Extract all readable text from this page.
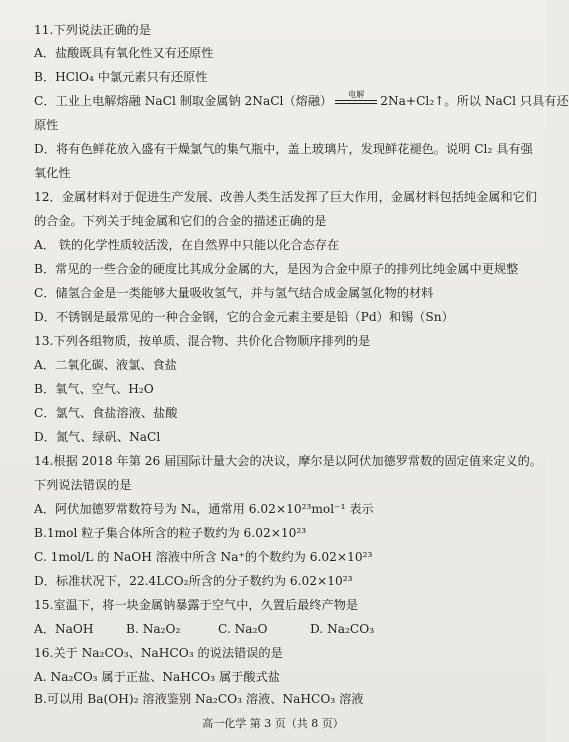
11.下列说法正确的是
A．盐酸既具有氧化性又有还原性
B．HClO₄ 中氯元素只有还原性
C．工业上电解熔融 NaCl 制取金属钠 2NaCl（熔融）	电解	2Na+Cl₂↑。所以 NaCl 只具有还
原性
D．将有色鲜花放入盛有干燥氯气的集气瓶中，盖上玻璃片，发现鲜花褪色。说明 Cl₂ 具有强
氧化性
12．金属材料对于促进生产发展、改善人类生活发挥了巨大作用，金属材料包括纯金属和它们
的合金。下列关于纯金属和它们的合金的描述正确的是
A． 铁的化学性质较活泼，在自然界中只能以化合态存在
B．常见的一些合金的硬度比其成分金属的大，是因为合金中原子的排列比纯金属中更规整
C．储氢合金是一类能够大量吸收氢气，并与氢气结合成金属氢化物的材料
D．不锈钢是最常见的一种合金钢，它的合金元素主要是铅（Pd）和锡（Sn）
13.下列各组物质，按单质、混合物、共价化合物顺序排列的是
A．二氧化碳、液氯、食盐
B．氧气、空气、H₂O
C．氯气、食盐溶液、盐酸
D．氮气、绿矾、NaCl
14.根据 2018 年第 26 届国际计量大会的决议，摩尔是以阿伏加德罗常数的固定值来定义的。
下列说法错误的是
A．阿伏加德罗常数符号为 Nₐ，通常用 6.02×10²³mol⁻¹ 表示
B.1mol 粒子集合体所含的粒子数约为 6.02×10²³
C. 1mol/L 的 NaOH 溶液中所含 Na⁺的个数约为 6.02×10²³
D．标准状况下，22.4LCO₂所含的分子数约为 6.02×10²³
15.室温下，将一块金属钠暴露于空气中，久置后最终产物是
A．NaOH	B. Na₂O₂	C. Na₂O	D. Na₂CO₃
16.关于 Na₂CO₃、NaHCO₃ 的说法错误的是
A. Na₂CO₃ 属于正盐、NaHCO₃ 属于酸式盐
B.可以用 Ba(OH)₂ 溶液鉴别 Na₂CO₃ 溶液、NaHCO₃ 溶液
高一化学 第 3 页（共 8 页）
